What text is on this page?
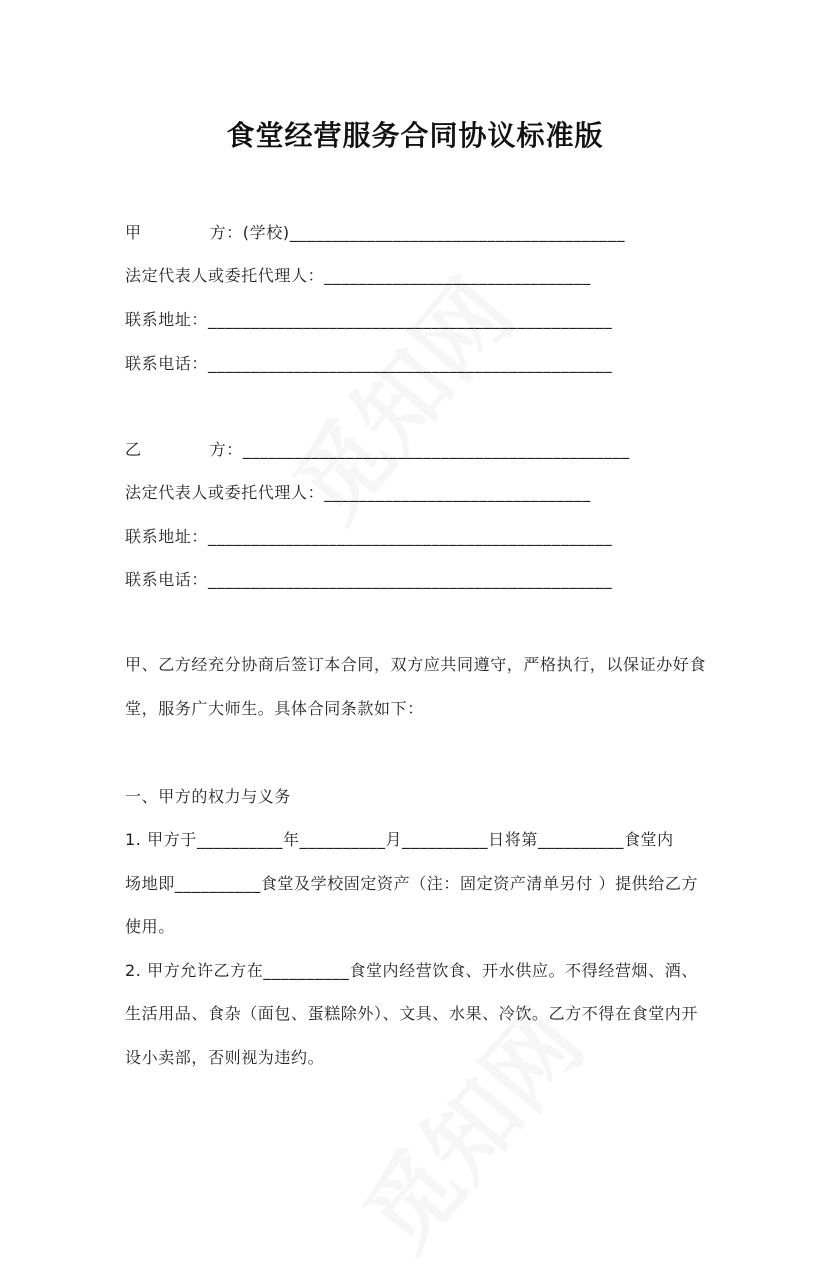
食堂经营服务合同协议标准版
甲	方：(学校)_______________________________________
法定代表人或委托代理人：_______________________________
联系地址：_______________________________________________
联系电话：_______________________________________________
乙	方：_____________________________________________
法定代表人或委托代理人：_______________________________
联系地址：_______________________________________________
联系电话：_______________________________________________
甲、乙方经充分协商后签订本合同，双方应共同遵守，严格执行，以保证办好食
堂，服务广大师生。具体合同条款如下：
一、甲方的权力与义务
1. 甲方于__________年__________月__________日将第__________食堂内
场地即__________食堂及学校固定资产（注：固定资产清单另付 ）提供给乙方
使用。
2. 甲方允许乙方在__________食堂内经营饮食、开水供应。不得经营烟、酒、
生活用品、食杂（面包、蛋糕除外）、文具、水果、冷饮。乙方不得在食堂内开
设小卖部，否则视为违约。
